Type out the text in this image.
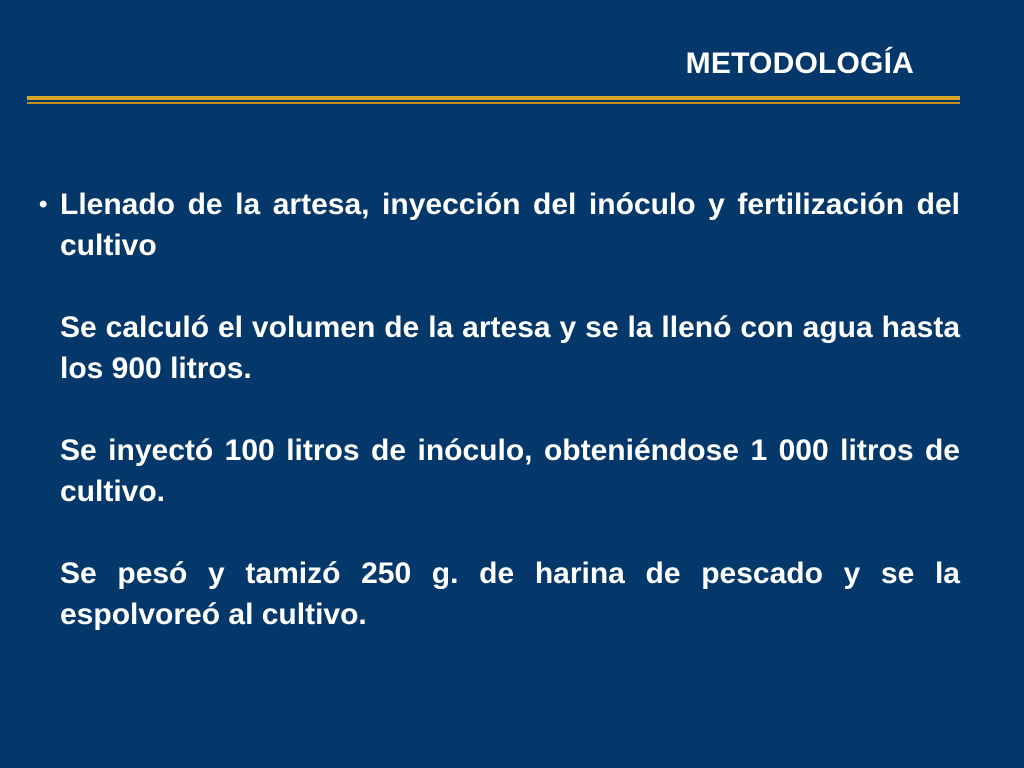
METODOLOGÍA
• Llenado de la artesa, inyección del inóculo y fertilización del cultivo
Se calculó el volumen de la artesa y se la llenó con agua hasta los 900 litros.
Se inyectó 100 litros de inóculo, obteniéndose 1 000 litros de cultivo.
Se pesó y tamizó 250 g. de harina de pescado y se la espolvoreó al cultivo.
